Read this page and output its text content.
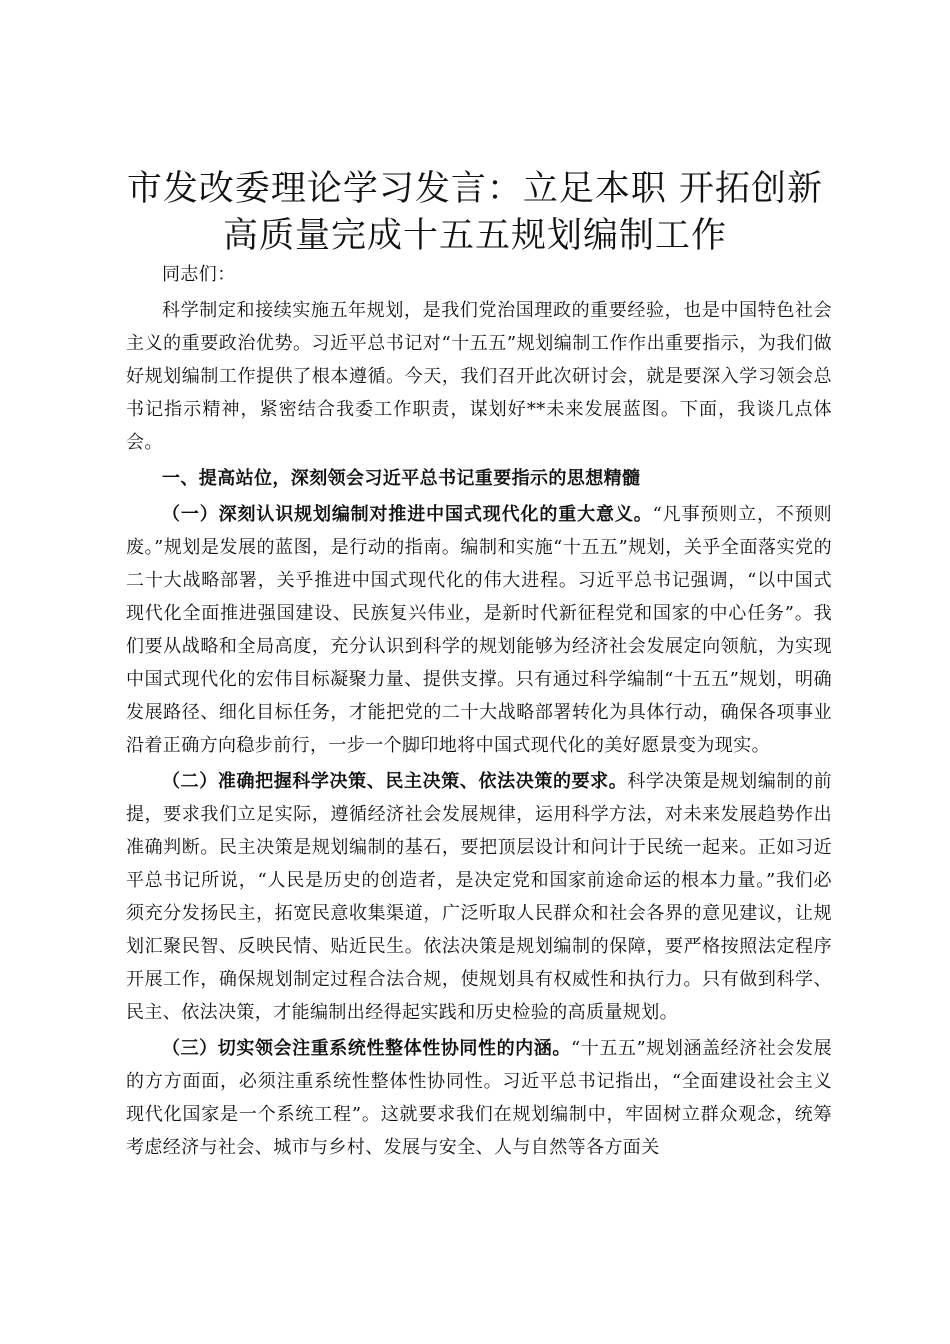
市发改委理论学习发言：立足本职 开拓创新
高质量完成十五五规划编制工作

同志们：

科学制定和接续实施五年规划，是我们党治国理政的重要经验，也是中国特色社会主义的重要政治优势。习近平总书记对“十五五”规划编制工作作出重要指示，为我们做好规划编制工作提供了根本遵循。今天，我们召开此次研讨会，就是要深入学习领会总书记指示精神，紧密结合我委工作职责，谋划好**未来发展蓝图。下面，我谈几点体会。

一、提高站位，深刻领会习近平总书记重要指示的思想精髓

（一）深刻认识规划编制对推进中国式现代化的重大意义。“凡事预则立，不预则废。”规划是发展的蓝图，是行动的指南。编制和实施“十五五”规划，关乎全面落实党的二十大战略部署，关乎推进中国式现代化的伟大进程。习近平总书记强调，“以中国式现代化全面推进强国建设、民族复兴伟业，是新时代新征程党和国家的中心任务”。我们要从战略和全局高度，充分认识到科学的规划能够为经济社会发展定向领航，为实现中国式现代化的宏伟目标凝聚力量、提供支撑。只有通过科学编制“十五五”规划，明确发展路径、细化目标任务，才能把党的二十大战略部署转化为具体行动，确保各项事业沿着正确方向稳步前行，一步一个脚印地将中国式现代化的美好愿景变为现实。

（二）准确把握科学决策、民主决策、依法决策的要求。科学决策是规划编制的前提，要求我们立足实际，遵循经济社会发展规律，运用科学方法，对未来发展趋势作出准确判断。民主决策是规划编制的基石，要把顶层设计和问计于民统一起来。正如习近平总书记所说，“人民是历史的创造者，是决定党和国家前途命运的根本力量。”我们必须充分发扬民主，拓宽民意收集渠道，广泛听取人民群众和社会各界的意见建议，让规划汇聚民智、反映民情、贴近民生。依法决策是规划编制的保障，要严格按照法定程序开展工作，确保规划制定过程合法合规，使规划具有权威性和执行力。只有做到科学、民主、依法决策，才能编制出经得起实践和历史检验的高质量规划。

（三）切实领会注重系统性整体性协同性的内涵。“十五五”规划涵盖经济社会发展的方方面面，必须注重系统性整体性协同性。习近平总书记指出，“全面建设社会主义现代化国家是一个系统工程”。这就要求我们在规划编制中，牢固树立群众观念，统筹考虑经济与社会、城市与乡村、发展与安全、人与自然等各方面关
